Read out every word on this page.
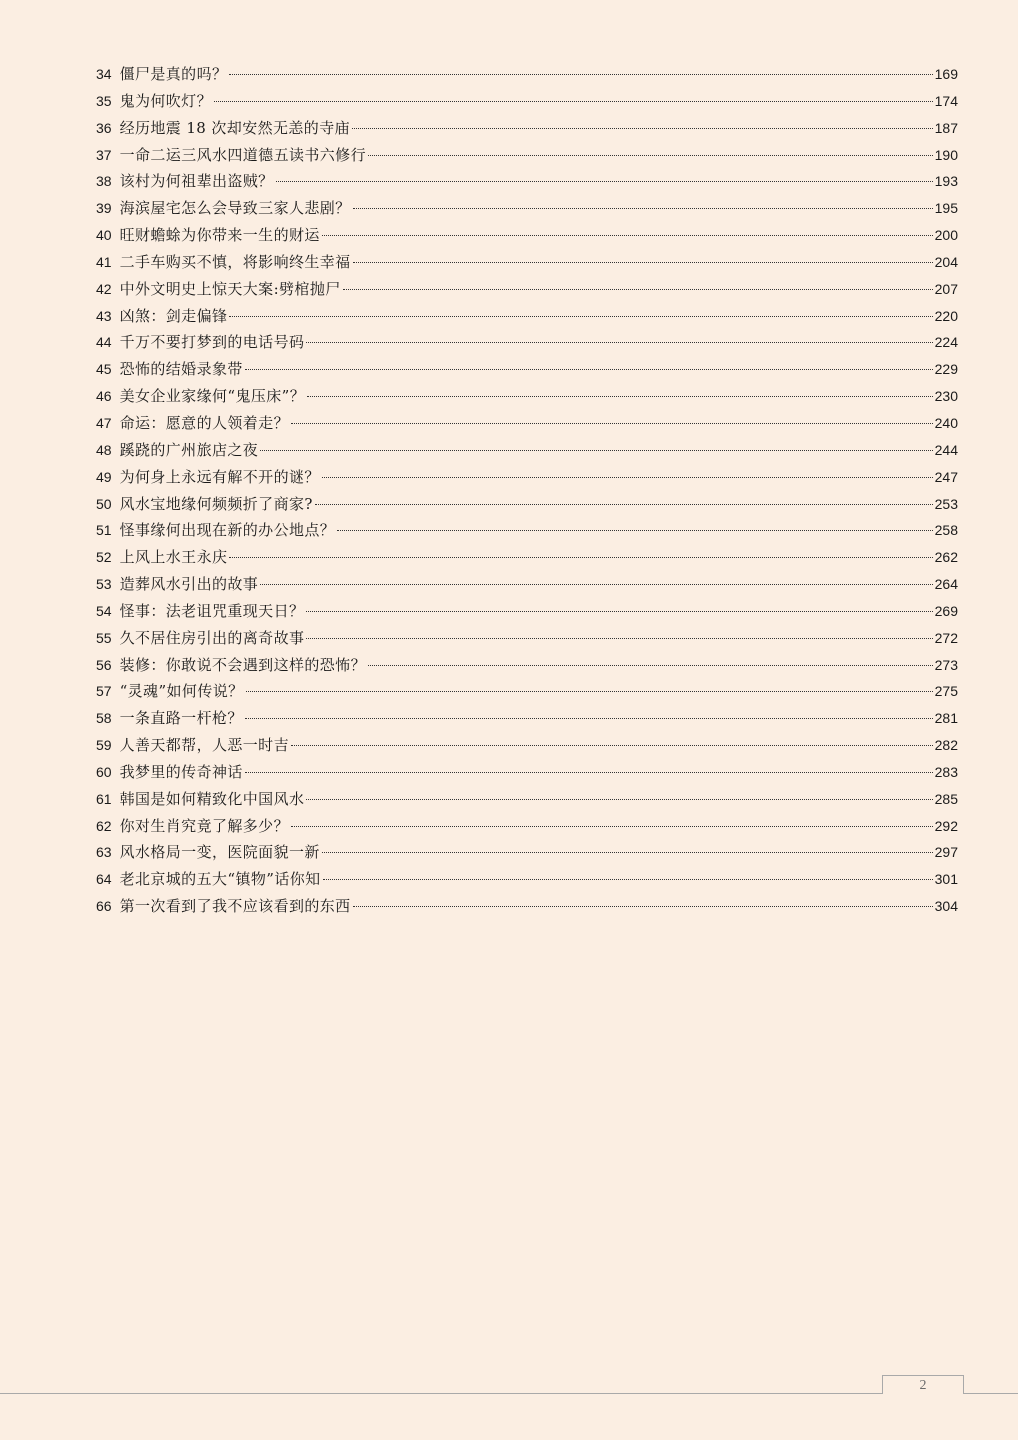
34 僵尸是真的吗？	169
35 鬼为何吹灯？	174
36 经历地震 18 次却安然无恙的寺庙	187
37 一命二运三风水四道德五读书六修行	190
38 该村为何祖辈出盗贼？	193
39 海滨屋宅怎么会导致三家人悲剧？	195
40 旺财蟾蜍为你带来一生的财运	200
41 二手车购买不慎，将影响终生幸福	204
42 中外文明史上惊天大案:劈棺抛尸	207
43 凶煞：剑走偏锋	220
44 千万不要打梦到的电话号码	224
45 恐怖的结婚录象带	229
46 美女企业家缘何“鬼压床”？	230
47 命运：愿意的人领着走？	240
48 蹊跷的广州旅店之夜	244
49 为何身上永远有解不开的谜？	247
50 风水宝地缘何频频折了商家?	253
51 怪事缘何出现在新的办公地点？	258
52 上风上水王永庆	262
53 造葬风水引出的故事	264
54 怪事：法老诅咒重现天日？	269
55 久不居住房引出的离奇故事	272
56 装修：你敢说不会遇到这样的恐怖？	273
57 “灵魂”如何传说？	275
58 一条直路一杆枪？	281
59 人善天都帮，人恶一时吉	282
60 我梦里的传奇神话	283
61 韩国是如何精致化中国风水	285
62 你对生肖究竟了解多少？	292
63 风水格局一变，医院面貌一新	297
64 老北京城的五大“镇物”话你知	301
66 第一次看到了我不应该看到的东西	304
2
